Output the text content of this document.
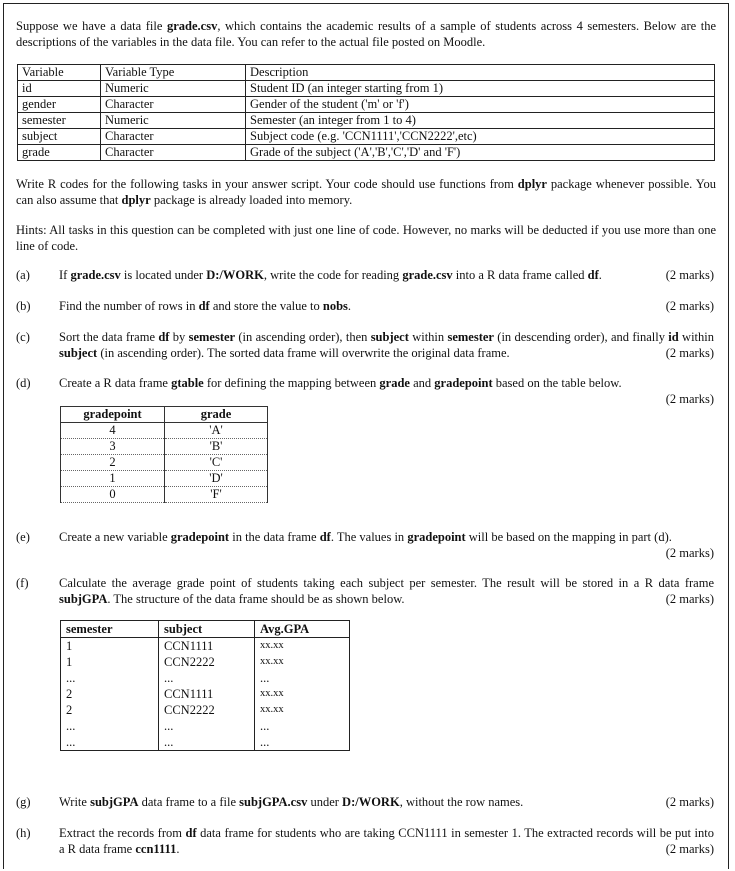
Suppose we have a data file grade.csv, which contains the academic results of a sample of students across 4 semesters. Below are the descriptions of the variables in the data file. You can refer to the actual file posted on Moodle.
Variable	Variable Type	Description
id	Numeric	Student ID (an integer starting from 1)
gender	Character	Gender of the student ('m' or 'f')
semester	Numeric	Semester (an integer from 1 to 4)
subject	Character	Subject code (e.g. 'CCN1111','CCN2222',etc)
grade	Character	Grade of the subject ('A','B','C','D' and 'F')
Write R codes for the following tasks in your answer script. Your code should use functions from dplyr package whenever possible. You can also assume that dplyr package is already loaded into memory.
Hints: All tasks in this question can be completed with just one line of code. However, no marks will be deducted if you use more than one line of code.
(a)	(2 marks)
If grade.csv is located under D:/WORK, write the code for reading grade.csv into a R data frame called df.
(b)	(2 marks)
Find the number of rows in df and store the value to nobs.
(c) Sort the data frame df by semester (in ascending order), then subject within semester (in descending order), and finally id within subject (in ascending order). The sorted data frame will overwrite the original data frame.	(2 marks)
(d) Create a R data frame gtable for defining the mapping between grade and gradepoint based on the table below.

(2 marks)
gradepoint	grade
4	'A'
3	'B'
2	'C'
1	'D'
0	'F'
(e) Create a new variable gradepoint in the data frame df. The values in gradepoint will be based on the mapping in part (d).

(2 marks)
(f) Calculate the average grade point of students taking each subject per semester. The result will be stored in a R data frame subjGPA. The structure of the data frame should be as shown below.	(2 marks)
semester	subject	Avg.GPA
1	CCN1111	xx.xx
1	CCN2222	xx.xx
...	...	...
2	CCN1111	xx.xx
2	CCN2222	xx.xx
...	...	...
...	...	...
(g)	(2 marks)
Write subjGPA data frame to a file subjGPA.csv under D:/WORK, without the row names.
(h) Extract the records from df data frame for students who are taking CCN1111 in semester 1. The extracted records will be put into a R data frame ccn1111.	(2 marks)
